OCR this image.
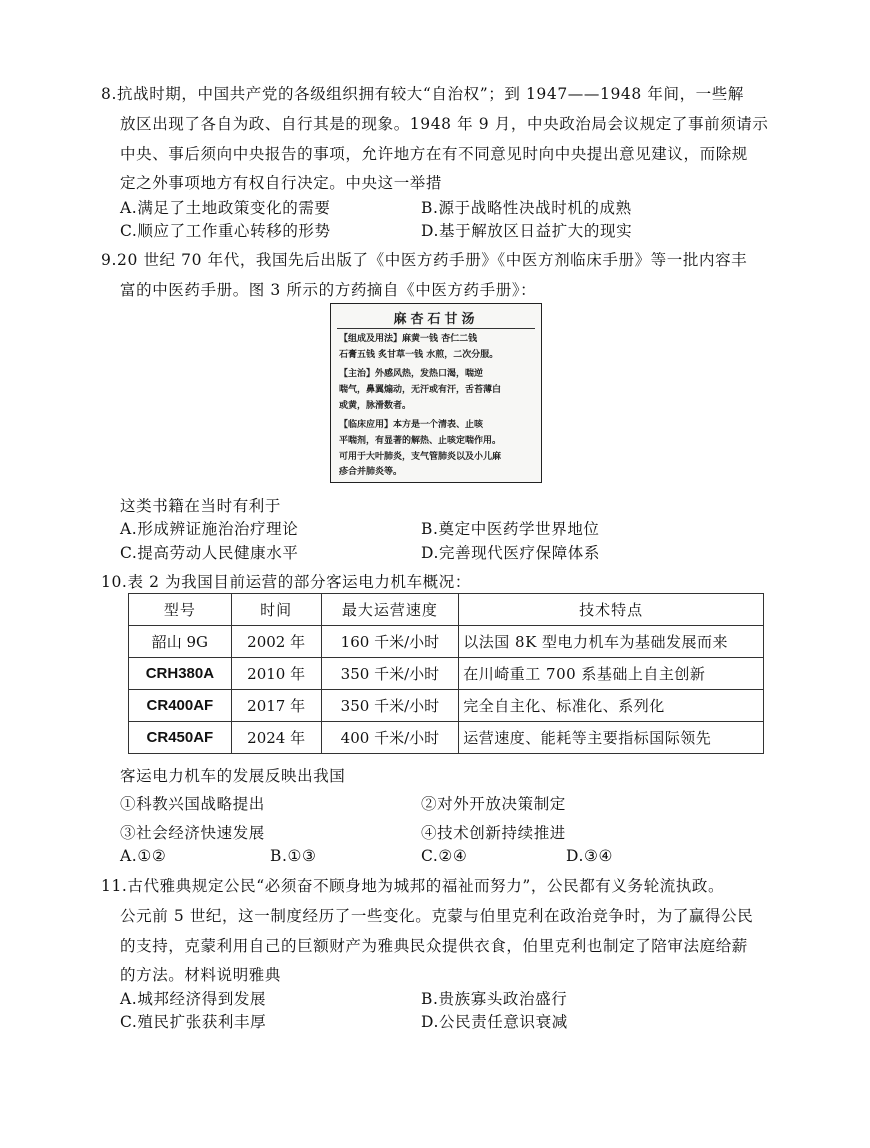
8.抗战时期，中国共产党的各级组织拥有较大“自治权”；到 1947——1948 年间，一些解
放区出现了各自为政、自行其是的现象。1948 年 9 月，中央政治局会议规定了事前须请示
中央、事后须向中央报告的事项，允许地方在有不同意见时向中央提出意见建议，而除规
定之外事项地方有权自行决定。中央这一举措
A.满足了土地政策变化的需要	B.源于战略性决战时机的成熟
C.顺应了工作重心转移的形势	D.基于解放区日益扩大的现实
9.20 世纪 70 年代，我国先后出版了《中医方药手册》《中医方剂临床手册》等一批内容丰
富的中医药手册。图 3 所示的方药摘自《中医方药手册》：
麻杏石甘汤
【组成及用法】麻黄一钱 杏仁二钱
石膏五钱 炙甘草一钱 水煎，二次分服。
【主治】外感风热，发热口渴，喘逆
喘气，鼻翼煽动，无汗或有汗，舌苔薄白
或黄，脉滑数者。
【临床应用】本方是一个清表、止咳
平喘剂，有显著的解热、止咳定喘作用。
可用于大叶肺炎，支气管肺炎以及小儿麻
疹合并肺炎等。
这类书籍在当时有利于
A.形成辨证施治治疗理论	B.奠定中医药学世界地位
C.提高劳动人民健康水平	D.完善现代医疗保障体系
10.表 2 为我国目前运营的部分客运电力机车概况：
型号	时间	最大运营速度	技术特点
韶山 9G	2002 年	160 千米/小时	以法国 8K 型电力机车为基础发展而来
CRH380A	2010 年	350 千米/小时	在川崎重工 700 系基础上自主创新
CR400AF	2017 年	350 千米/小时	完全自主化、标准化、系列化
CR450AF	2024 年	400 千米/小时	运营速度、能耗等主要指标国际领先
客运电力机车的发展反映出我国
①科教兴国战略提出	②对外开放决策制定
③社会经济快速发展	④技术创新持续推进
A.①②	B.①③	C.②④	D.③④
11.古代雅典规定公民“必须奋不顾身地为城邦的福祉而努力”，公民都有义务轮流执政。
公元前 5 世纪，这一制度经历了一些变化。克蒙与伯里克利在政治竞争时，为了赢得公民
的支持，克蒙利用自己的巨额财产为雅典民众提供衣食，伯里克利也制定了陪审法庭给薪
的方法。材料说明雅典
A.城邦经济得到发展	B.贵族寡头政治盛行
C.殖民扩张获利丰厚	D.公民责任意识衰减
